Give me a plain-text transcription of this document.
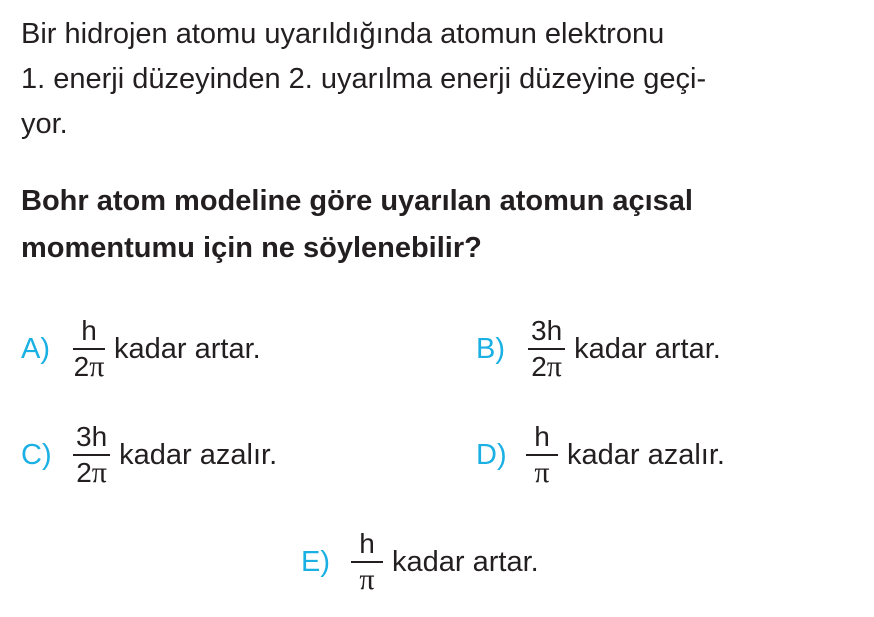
Bir hidrojen atomu uyarıldığında atomun elektronu
1. enerji düzeyinden 2. uyarılma enerji düzeyine geçi-
yor.
Bohr atom modeline göre uyarılan atomun açısal
momentumu için ne söylenebilir?
$A) \frac{h}{2\pi}$ kadar artar.	$B) \frac{3h}{2\pi}$ kadar artar.
$C) \frac{3h}{2\pi}$ kadar azalır.	$D) \frac{h}{\pi}$ kadar azalır.
$E) \frac{h}{\pi}$ kadar artar.
